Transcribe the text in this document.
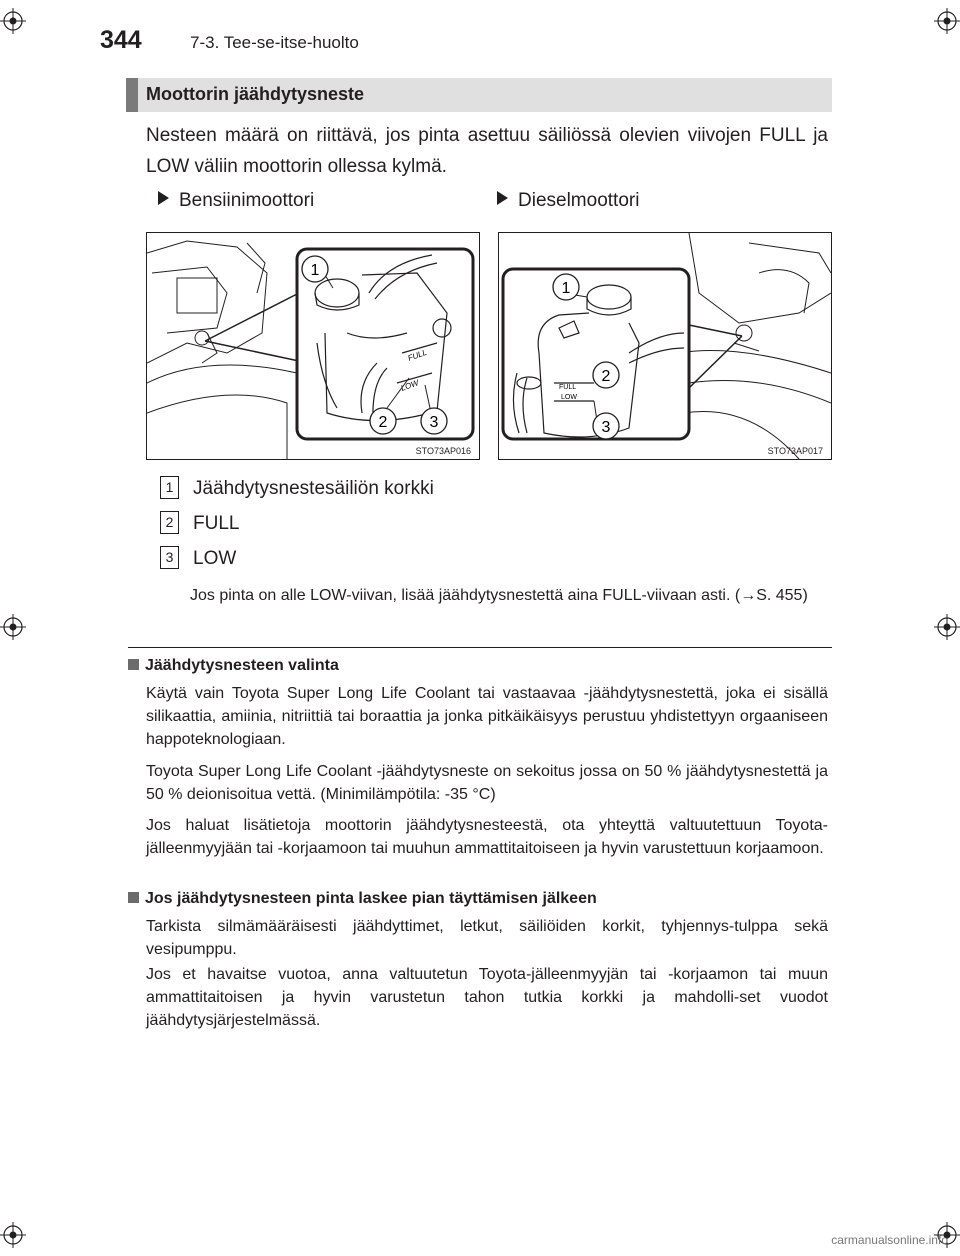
344	7-3. Tee-se-itse-huolto
Moottorin jäähdytysneste
Nesteen määrä on riittävä, jos pinta asettuu säiliössä olevien viivojen FULL ja LOW väliin moottorin ollessa kylmä.
Bensiinimoottori	Dieselmoottori
FULL
LOW
1
2	3
STO73AP016
FULL
LOW
1
2
3
STO73AP017
1 Jäähdytysnestesäiliön korkki
2 FULL
3 LOW
Jos pinta on alle LOW-viivan, lisää jäähdytysnestettä aina FULL-viivaan asti. (→S. 455)
Jäähdytysnesteen valinta
Käytä vain Toyota Super Long Life Coolant tai vastaavaa -jäähdytysnestettä, joka ei sisällä silikaattia, amiinia, nitriittiä tai boraattia ja jonka pitkäikäisyys perustuu yhdistettyyn orgaaniseen happoteknologiaan.
Toyota Super Long Life Coolant -jäähdytysneste on sekoitus jossa on 50 % jäähdytysnestettä ja 50 % deionisoitua vettä. (Minimilämpötila: -35 °C)
Jos haluat lisätietoja moottorin jäähdytysnesteestä, ota yhteyttä valtuutettuun Toyota-jälleenmyyjään tai -korjaamoon tai muuhun ammattitaitoiseen ja hyvin varustettuun korjaamoon.
Jos jäähdytysnesteen pinta laskee pian täyttämisen jälkeen
Tarkista silmämääräisesti jäähdyttimet, letkut, säiliöiden korkit, tyhjennys-tulppa sekä vesipumppu.
Jos et havaitse vuotoa, anna valtuutetun Toyota-jälleenmyyjän tai -korjaamon tai muun ammattitaitoisen ja hyvin varustetun tahon tutkia korkki ja mahdolli-set vuodot jäähdytysjärjestelmässä.
carmanualsonline.info
